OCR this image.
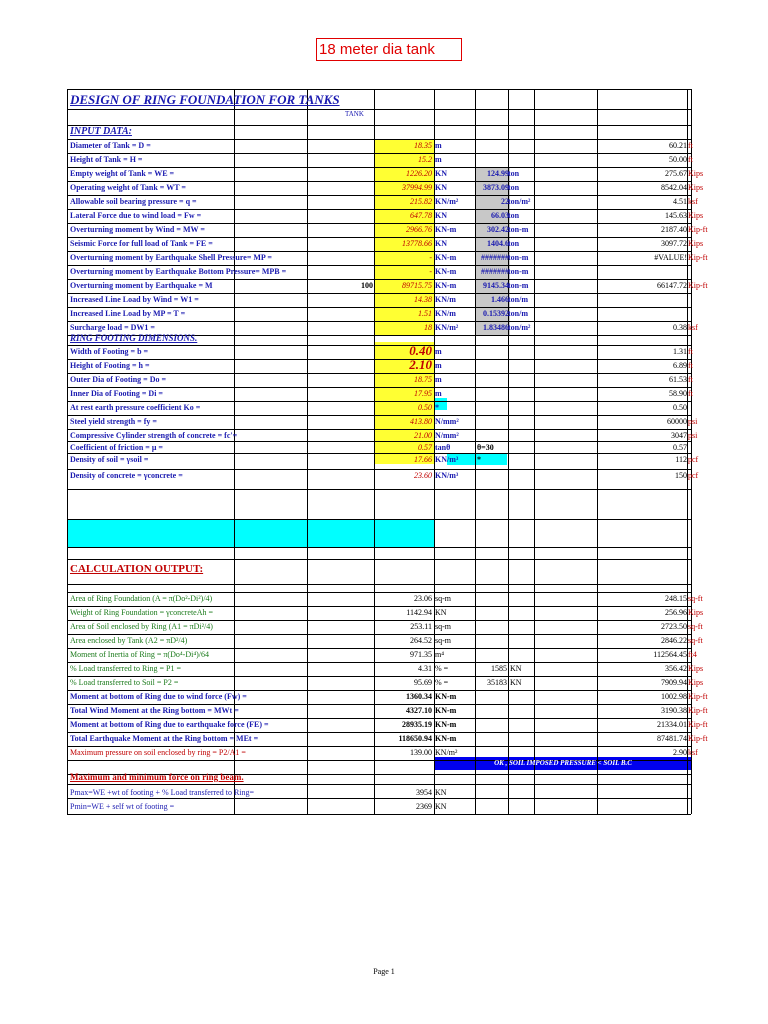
18 meter dia tank
DESIGN OF RING FOUNDATION FOR TANKS
TANK
INPUT DATA:
Diameter of Tank = D =	18.35 m	60.21 ft
Height of Tank = H =	15.2 m	50.00 ft
Empty weight of Tank = WE =	1226.20 KN	124.99 ton	275.67 Kips
Operating weight of Tank = WT =	37994.99 KN	3873.09 ton	8542.04 Kips
Allowable soil bearing pressure = q =	215.82 KN/m²	22 ton/m²	4.51 ksf
Lateral Force due to wind load = Fw =	647.78 KN	66.03 ton	145.63 Kips
Overturning moment by Wind = MW =	2966.76 KN-m	302.42 ton-m	2187.40 Kip-ft
Seismic Force for full load of Tank = FE =	13778.66 KN	1404.6 ton	3097.72 Kips
Overturning moment by Earthquake Shell Pressure= MP =	- KN-m	####### ton-m	#VALUE! Kip-ft
Overturning moment by Earthquake Bottom Pressure= MPB =	- KN-m	####### ton-m
Overturning moment by Earthquake = M	100	89715.75 KN-m	9145.34 ton-m	66147.72 Kip-ft
Increased Line Load by Wind = W1 =	14.38 KN/m	1.466 ton/m
Increased Line Load by MP = T =	1.51 KN/m	0.15392 ton/m
Surcharge load = DW1 =	18 KN/m²	1.83486 ton/m²	0.38 ksf
RING FOOTING DIMENSIONS.
Width of Footing = b =	0.40 m	1.31 ft
Height of Footing = h =	2.10 m	6.89 ft
Outer Dia of Footing = Do =	18.75 m	61.53 ft
Inner Dia of Footing = Di =	17.95 m	58.90 ft
At rest earth pressure coefficient Ko =	0.50 *	0.50
Steel yield strength = fy =	413.80 N/mm²	60000 psi
Compressive Cylinder strength of concrete = fc'=	21.00 N/mm²	3047 psi
Coefficient of friction = μ =	0.57 tanθ	θ=30	0.57
Density of soil = γsoil =	17.66 KN/m³	*	112 pcf
Density of concrete = γconcrete =	23.60 KN/m³	150 pcf
CALCULATION OUTPUT:
Area of Ring Foundation (A = π(Do²-Di²)/4)	23.06 sq-m	248.15 sq-ft
Weight of Ring Foundation = γconcreteAh =	1142.94 KN	256.96 Kips
Area of Soil enclosed by Ring (A1 = πDi²/4)	253.11 sq-m	2723.50 sq-ft
Area enclosed by Tank (A2 = πD²/4)	264.52 sq-m	2846.22 sq-ft
Moment of Inertia of Ring = π(Do⁴-Di⁴)/64	971.35 m⁴	112564.45 ft4
% Load transferred to Ring = P1 =	4.31 % =	1585 KN	356.42 Kips
% Load transferred to Soil = P2 =	95.69 % =	35183 KN	7909.94 Kips
Moment at bottom of Ring due to wind force (Fw) =	1360.34 KN-m	1002.98 Kip-ft
Total Wind Moment at the Ring bottom = MWt =	4327.10 KN-m	3190.38 Kip-ft
Moment at bottom of Ring due to earthquake force (FE) =	28935.19 KN-m	21334.01 Kip-ft
Total Earthquake Moment at the Ring bottom = MEt =	118650.94 KN-m	87481.74 Kip-ft
Maximum pressure on soil enclosed by ring = P2/A1 =	139.00 KN/m²	2.90 ksf
OK , SOIL IMPOSED PRESSURE < SOIL B.C
Maximum and minimum force on ring beam.
Pmax=WE +wt of footing + % Load transferred to Ring=	3954 KN
Pmin=WE + self wt of footing =	2369 KN
Page 1
